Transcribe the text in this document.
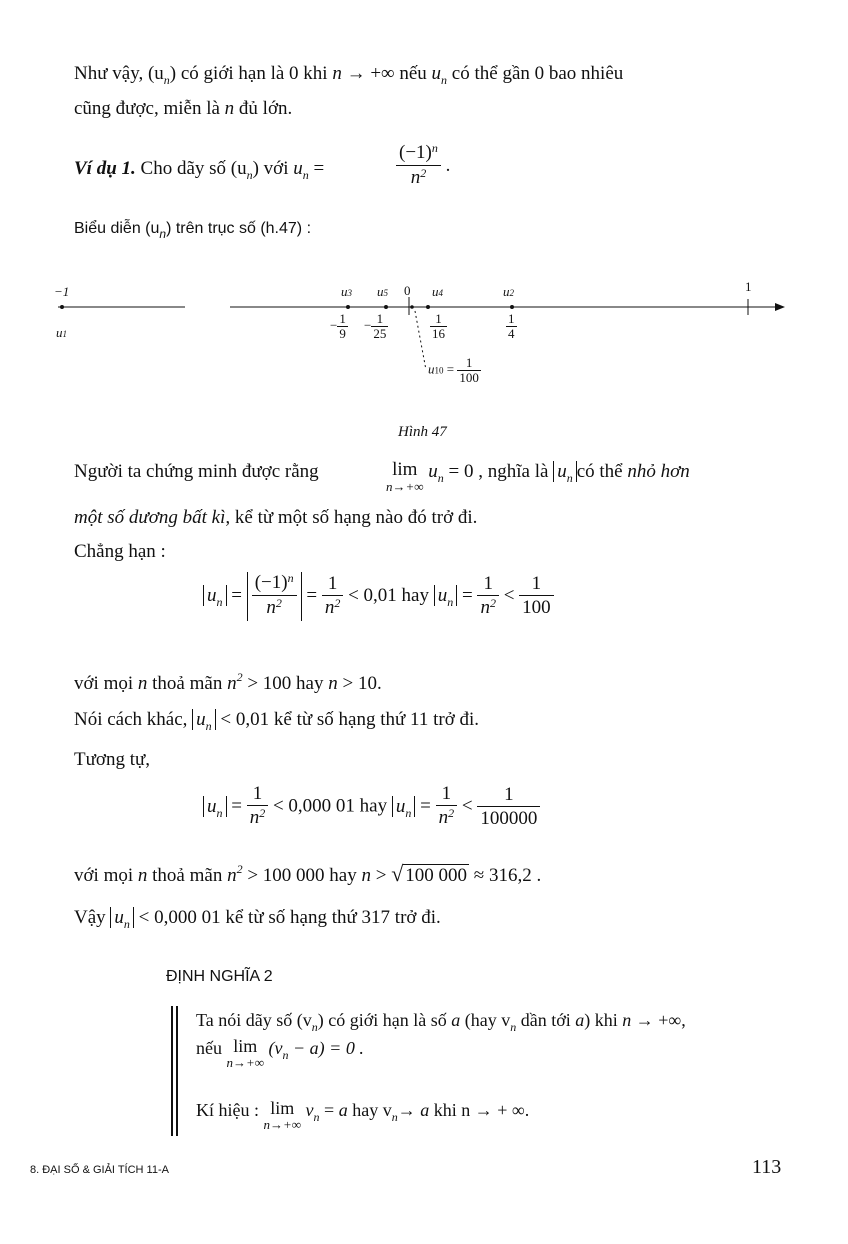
Như vậy, $(u_n)$ có giới hạn là 0 khi n → +∞ nếu $u_n$ có thể gần 0 bao nhiêu
cũng được, miễn là n đủ lớn.
Ví dụ 1. Cho dãy số $(u_n)$ với $u_n$ =	$\frac{(-1)^n}{n^2}$ .
Biểu diễn $(u_n)$ trên trục số (h.47) :
−1
u1
u3 u5 0 u4	u2	1
− $\frac{1}{9} - \frac{1}{25}$	$\frac{1}{16}$	$\frac{1}{4}$
$u10 = \frac{1}{100}$
Hình 47
Người ta chứng minh được rằng	lim
n→+∞
$u_n = 0$ , nghĩa là $u_n$ có thể nhỏ hơn
một số dương bất kì, kể từ một số hạng nào đó trở đi.
Chẳng hạn :
$u_n = \frac{(-1)^n}{n^2} = \frac{1}{n^2} < 0,01$ hay $u_n = \frac{1}{n^2} < \frac{1}{100}$
với mọi n thoả mãn $n^2 > 100$ hay n > 10.
Nói cách khác, $u_n < 0,01$ kể từ số hạng thứ 11 trở đi.
Tương tự,
$u_n = \frac{1}{n^2} < 0,000$ 01 hay $u_n = \frac{1}{n^2} < \frac{1}{100000}$
với mọi n thoả mãn $n^2 > 100$ 000 hay n > √ 100 000 ≈ 316,2 .
Vậy $u_n < 0,000$ 01 kể từ số hạng thứ 317 trở đi.
ĐỊNH NGHĨA 2
Ta nói dãy số $(v_n)$ có giới hạn là số a (hay $v_n$ dần tới a) khi n → +∞,
nếu lim
n→+∞
$(v_n - a) = 0$ .
Kí hiệu : lim
n→+∞
$v_n = a$ hay $v_n\to a$ khi n → + ∞.
8. ĐẠI SỐ & GIẢI TÍCH 11-A	113
